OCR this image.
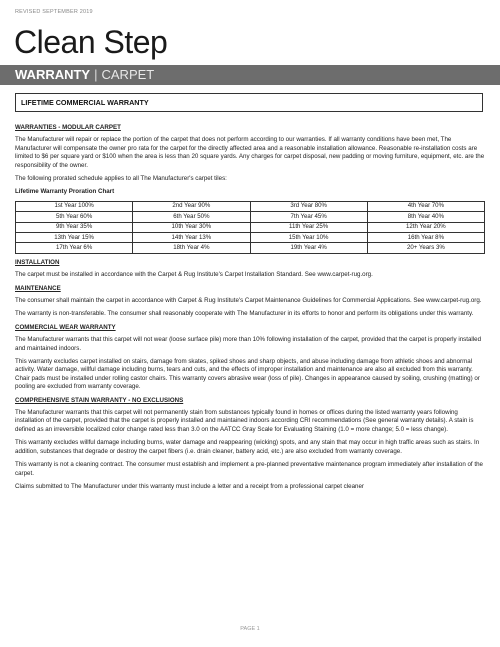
REVISED SEPTEMBER 2019
Clean Step
WARRANTY | CARPET
LIFETIME COMMERCIAL WARRANTY
WARRANTIES - MODULAR CARPET

The Manufacturer will repair or replace the portion of the carpet that does not perform according to our warranties. If all warranty conditions have been met, The Manufacturer will compensate the owner pro rata for the carpet for the directly affected area and a reasonable installation allowance. Reasonable re-installation costs are limited to $6 per square yard or $100 when the area is less than 20 square yards. Any charges for carpet disposal, new padding or moving furniture, equipment, etc. are the responsibility of the owner.

The following prorated schedule applies to all The Manufacturer's carpet tiles:

Lifetime Warranty Proration Chart
1st Year 100%	2nd Year 90%	3rd Year 80%	4th Year 70%
5th Year 60%	6th Year 50%	7th Year 45%	8th Year 40%
9th Year 35%	10th Year 30%	11th Year 25%	12th Year 20%
13th Year 15%	14th Year 13%	15th Year 10%	16th Year 8%
17th Year 6%	18th Year 4%	19th Year 4%	20+ Years 3%
INSTALLATION

The carpet must be installed in accordance with the Carpet & Rug Institute's Carpet Installation Standard. See www.carpet-rug.org.

MAINTENANCE

The consumer shall maintain the carpet in accordance with Carpet & Rug Institute's Carpet Maintenance Guidelines for Commercial Applications. See www.carpet-rug.org.

The warranty is non-transferable. The consumer shall reasonably cooperate with The Manufacturer in its efforts to honor and perform its obligations under this warranty.

COMMERCIAL WEAR WARRANTY

The Manufacturer warrants that this carpet will not wear (loose surface pile) more than 10% following installation of the carpet, provided that the carpet is properly installed and maintained indoors.

This warranty excludes carpet installed on stairs, damage from skates, spiked shoes and sharp objects, and abuse including damage from athletic shoes and abnormal activity. Water damage, willful damage including burns, tears and cuts, and the effects of improper installation and maintenance are also all excluded from this warranty. Chair pads must be installed under rolling castor chairs. This warranty covers abrasive wear (loss of pile). Changes in appearance caused by soiling, crushing (matting) or pooling are excluded from warranty coverage.

COMPREHENSIVE STAIN WARRANTY - NO EXCLUSIONS

The Manufacturer warrants that this carpet will not permanently stain from substances typically found in homes or offices during the listed warranty years following installation of the carpet, provided that the carpet is properly installed and maintained indoors according CRI recommendations (See general warranty details). A stain is defined as an irreversible localized color change rated less than 3.0 on the AATCC Gray Scale for Evaluating Staining (1.0 = more change; 5.0 = less change).

This warranty excludes willful damage including burns, water damage and reappearing (wicking) spots, and any stain that may occur in high traffic areas such as stairs. In addition, substances that degrade or destroy the carpet fibers (i.e. drain cleaner, battery acid, etc.) are also excluded from warranty coverage.

This warranty is not a cleaning contract. The consumer must establish and implement a pre-planned preventative maintenance program immediately after installation of the carpet.

Claims submitted to The Manufacturer under this warranty must include a letter and a receipt from a professional carpet cleaner

PAGE 1
